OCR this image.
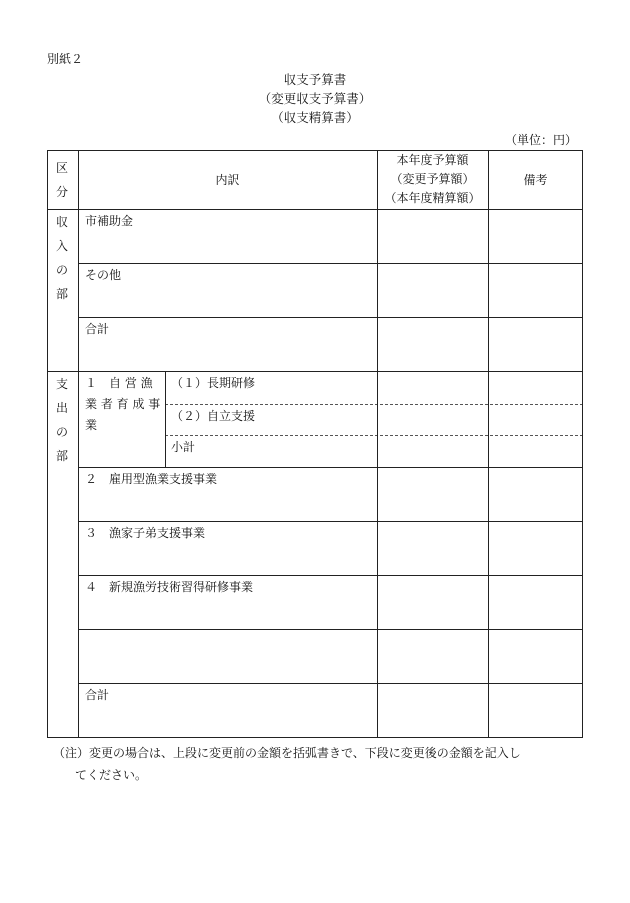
別紙２
収支予算書
（変更収支予算書）
（収支精算書）
（単位：円）
区分
内訳
本年度予算額
（変更予算額）
（本年度精算額）
備考
収入の部
市補助金
その他
合計
支出の部
１　自 営 漁
業 者 育 成 事
業
（１）長期研修
（２）自立支援
小計
２　雇用型漁業支援事業
３　漁家子弟支援事業
４　新規漁労技術習得研修事業
合計
（注）変更の場合は、上段に変更前の金額を括弧書きで、下段に変更後の金額を記入し
てください。
